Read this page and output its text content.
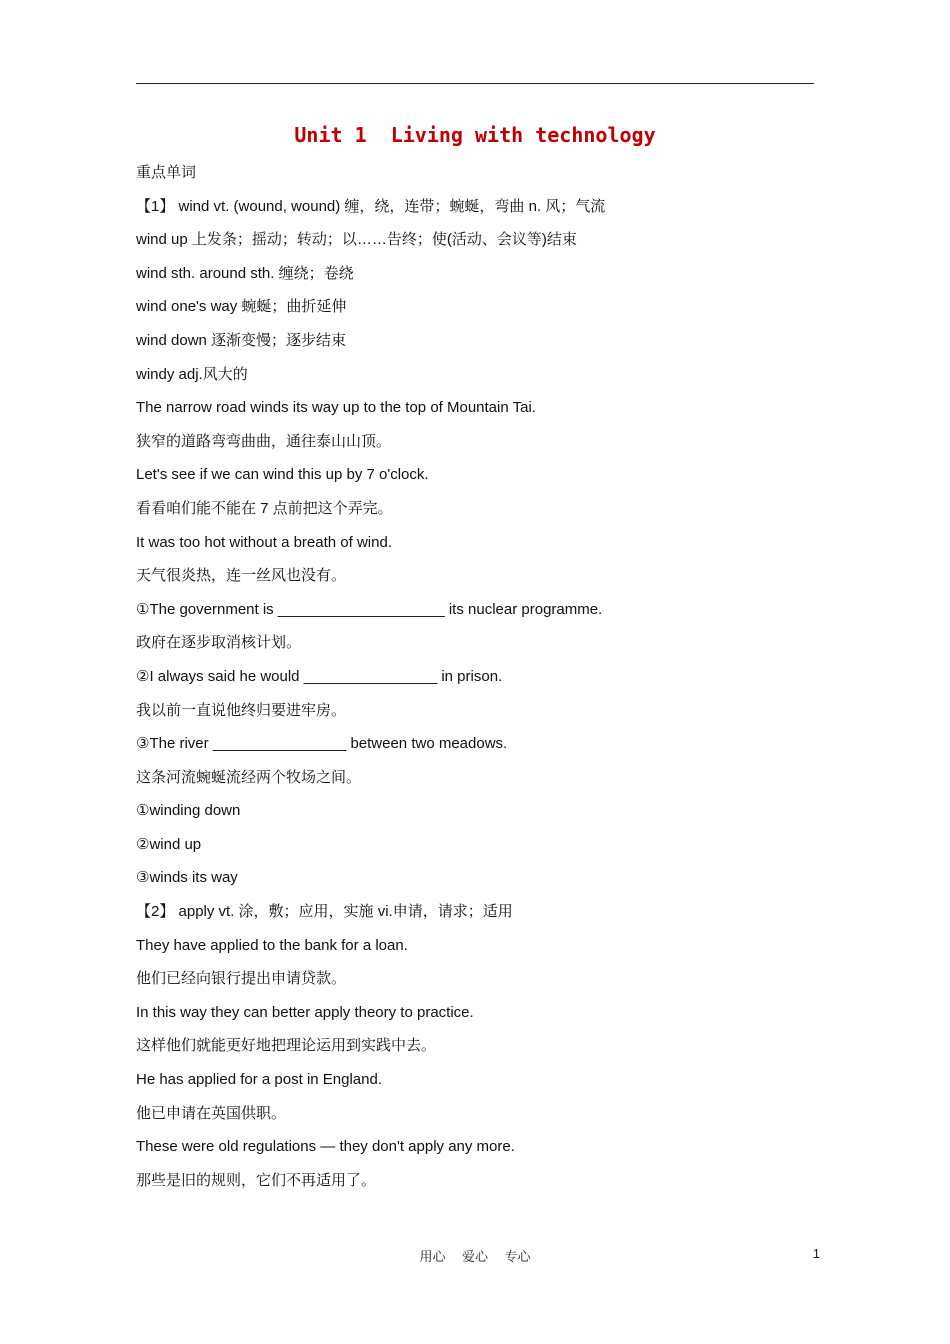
Unit 1  Living with technology
重点单词
【1】 wind vt. (wound, wound) 缠，绕，连带；蜿蜒，弯曲 n. 风；气流
wind up 上发条；摇动；转动；以……告终；使(活动、会议等)结束
wind sth. around sth. 缠绕；卷绕
wind one's way 蜿蜒；曲折延伸
wind down 逐渐变慢；逐步结束
windy adj.风大的
The narrow road winds its way up to the top of Mountain Tai.
狭窄的道路弯弯曲曲，通往泰山山顶。
Let's see if we can wind this up by 7 o'clock.
看看咱们能不能在 7 点前把这个弄完。
It was too hot without a breath of wind.
天气很炎热，连一丝风也没有。
①The government is ____________________ its nuclear programme.
政府在逐步取消核计划。
②I always said he would ________________ in prison.
我以前一直说他终归要进牢房。
③The river ________________ between two meadows.
这条河流蜿蜒流经两个牧场之间。
①winding down
②wind up
③winds its way
【2】 apply vt. 涂，敷；应用，实施 vi.申请，请求；适用
They have applied to the bank for a loan.
他们已经向银行提出申请贷款。
In this way they can better apply theory to practice.
这样他们就能更好地把理论运用到实践中去。
He has applied for a post in England.
他已申请在英国供职。
These were old regulations — they don't apply any more.
那些是旧的规则，它们不再适用了。
用心    爱心    专心	1
